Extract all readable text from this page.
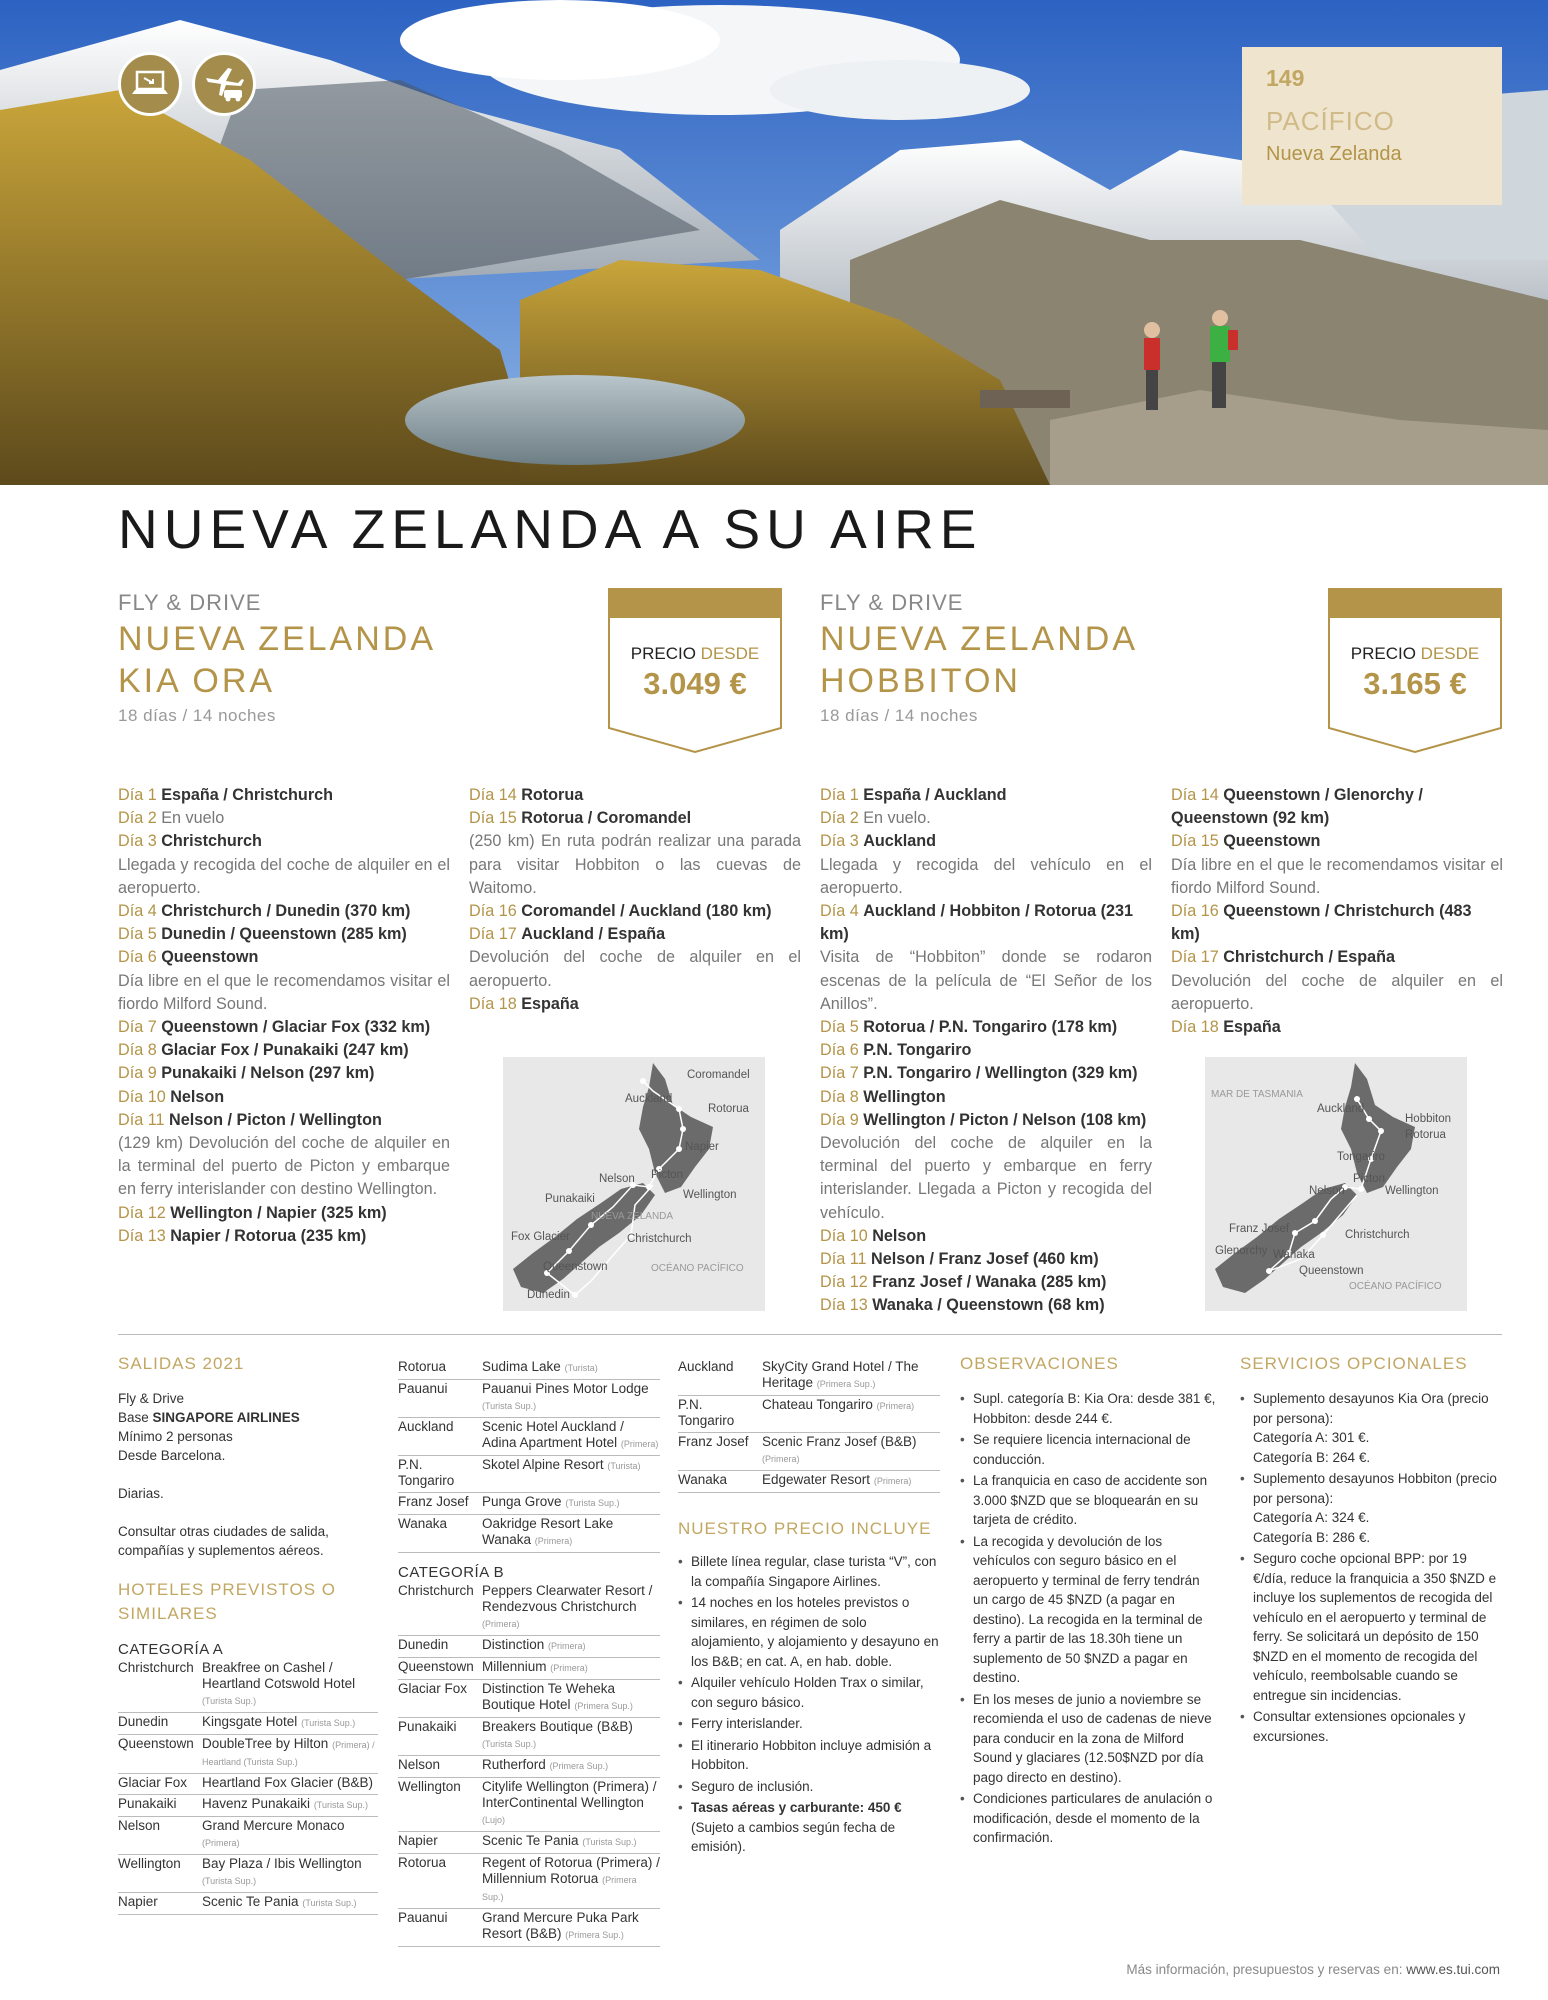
149
PACÍFICO
Nueva Zelanda
NUEVA ZELANDA A SU AIRE
FLY & DRIVE
NUEVA ZELANDA
KIA ORA
18 días / 14 noches
PRECIO DESDE
3.049 €
FLY & DRIVE
NUEVA ZELANDA
HOBBITON
18 días / 14 noches
PRECIO DESDE
3.165 €

Día 1 España / Christchurch

Día 2 En vuelo

Día 3 Christchurch

Llegada y recogida del coche de alquiler en el aeropuerto.

Día 4 Christchurch / Dunedin (370 km)

Día 5 Dunedin / Queenstown (285 km)

Día 6 Queenstown

Día libre en el que le recomendamos visitar el fiordo Milford Sound.

Día 7 Queenstown / Glaciar Fox (332 km)

Día 8 Glaciar Fox / Punakaiki (247 km)

Día 9 Punakaiki / Nelson (297 km)

Día 10 Nelson

Día 11 Nelson / Picton / Wellington

(129 km) Devolución del coche de alquiler en la terminal del puerto de Picton y embarque en ferry interislander con destino Wellington.

Día 12 Wellington / Napier (325 km)

Día 13 Napier / Rotorua (235 km)

Día 14 Rotorua

Día 15 Rotorua / Coromandel

(250 km) En ruta podrán realizar una parada para visitar Hobbiton o las cuevas de Waitomo.

Día 16 Coromandel / Auckland (180 km)

Día 17 Auckland / España

Devolución del coche de alquiler en el aeropuerto.

Día 18 España

Día 1 España / Auckland

Día 2 En vuelo.

Día 3 Auckland

Llegada y recogida del vehículo en el aeropuerto.

Día 4 Auckland / Hobbiton / Rotorua (231 km)

Visita de “Hobbiton” donde se rodaron escenas de la película de “El Señor de los Anillos”.

Día 5 Rotorua / P.N. Tongariro (178 km)

Día 6 P.N. Tongariro

Día 7 P.N. Tongariro / Wellington (329 km)

Día 8 Wellington

Día 9 Wellington / Picton / Nelson (108 km)

Devolución del coche de alquiler en la terminal del puerto y embarque en ferry interislander. Llegada a Picton y recogida del vehículo.

Día 10 Nelson

Día 11 Nelson / Franz Josef (460 km)

Día 12 Franz Josef / Wanaka (285 km)

Día 13 Wanaka / Queenstown (68 km)

Día 14 Queenstown / Glenorchy / Queenstown (92 km)

Día 15 Queenstown

Día libre en el que le recomendamos visitar el fiordo Milford Sound.

Día 16 Queenstown / Christchurch (483 km)

Día 17 Christchurch / España

Devolución del coche de alquiler en el aeropuerto.

Día 18 España

Coromandel
Auckland
Rotorua
Napier
Nelson Picton
Wellington
Punakaiki
NUEVA ZELANDA
Fox Glacier	Christchurch
Queenstown	OCÉANO PACÍFICO
Dunedin
MAR DE TASMANIA
Auckland
Hobbiton
Rotorua
Tongariro
Nelson
Picton
Wellington
Franz Josef	Christchurch
Glenorchy Wanaka
Queenstown
OCÉANO PACÍFICO
SALIDAS 2021
Fly & Drive
Base SINGAPORE AIRLINES
Mínimo 2 personas
Desde Barcelona.
Diarias.
Consultar otras ciudades de salida, compañías y suplementos aéreos.
HOTELES PREVISTOS O SIMILARES
CATEGORÍA A
Christchurch	Breakfree on Cashel / Heartland Cotswold Hotel (Turista Sup.)
Dunedin	Kingsgate Hotel (Turista Sup.)
Queenstown	DoubleTree by Hilton (Primera) / Heartland (Turista Sup.)
Glaciar Fox	Heartland Fox Glacier (B&B)
Punakaiki	Havenz Punakaiki (Turista Sup.)
Nelson	Grand Mercure Monaco (Primera)
Wellington	Bay Plaza / Ibis Wellington (Turista Sup.)
Napier	Scenic Te Pania (Turista Sup.)
Rotorua	Sudima Lake (Turista)
Pauanui	Pauanui Pines Motor Lodge (Turista Sup.)
Auckland	Scenic Hotel Auckland / Adina Apartment Hotel (Primera)
P.N. Tongariro	Skotel Alpine Resort (Turista)
Franz Josef	Punga Grove (Turista Sup.)
Wanaka	Oakridge Resort Lake Wanaka (Primera)
CATEGORÍA B
Christchurch	Peppers Clearwater Resort / Rendezvous Christchurch (Primera)
Dunedin	Distinction (Primera)
Queenstown	Millennium (Primera)
Glaciar Fox	Distinction Te Weheka Boutique Hotel (Primera Sup.)
Punakaiki	Breakers Boutique (B&B) (Turista Sup.)
Nelson	Rutherford (Primera Sup.)
Wellington	Citylife Wellington (Primera) / InterContinental Wellington (Lujo)
Napier	Scenic Te Pania (Turista Sup.)
Rotorua	Regent of Rotorua (Primera) / Millennium Rotorua (Primera Sup.)
Pauanui	Grand Mercure Puka Park Resort (B&B) (Primera Sup.)
Auckland	SkyCity Grand Hotel / The Heritage (Primera Sup.)
P.N. Tongariro	Chateau Tongariro (Primera)
Franz Josef	Scenic Franz Josef (B&B) (Primera)
Wanaka	Edgewater Resort (Primera)
NUESTRO PRECIO INCLUYE
• Billete línea regular, clase turista “V”, con la compañía Singapore Airlines.
• 14 noches en los hoteles previstos o similares, en régimen de solo alojamiento, y alojamiento y desayuno en los B&B; en cat. A, en hab. doble.
• Alquiler vehículo Holden Trax o similar, con seguro básico.
• Ferry interislander.
• El itinerario Hobbiton incluye admisión a Hobbiton.
• Seguro de inclusión.
• Tasas aéreas y carburante: 450 € (Sujeto a cambios según fecha de emisión).
OBSERVACIONES
• Supl. categoría B: Kia Ora: desde 381 €, Hobbiton: desde 244 €.
• Se requiere licencia internacional de conducción.
• La franquicia en caso de accidente son 3.000 $NZD que se bloquearán en su tarjeta de crédito.
• La recogida y devolución de los vehículos con seguro básico en el aeropuerto y terminal de ferry tendrán un cargo de 45 $NZD (a pagar en destino). La recogida en la terminal de ferry a partir de las 18.30h tiene un suplemento de 50 $NZD a pagar en destino.
• En los meses de junio a noviembre se recomienda el uso de cadenas de nieve para conducir en la zona de Milford Sound y glaciares (12.50$NZD por día pago directo en destino).
• Condiciones particulares de anulación o modificación, desde el momento de la confirmación.
SERVICIOS OPCIONALES
• Suplemento desayunos Kia Ora (precio por persona):
Categoría A: 301 €.
Categoría B: 264 €.
• Suplemento desayunos Hobbiton (precio por persona):
Categoría A: 324 €.
Categoría B: 286 €.
• Seguro coche opcional BPP: por 19 €/día, reduce la franquicia a 350 $NZD e incluye los suplementos de recogida del vehículo en el aeropuerto y terminal de ferry. Se solicitará un depósito de 150 $NZD en el momento de recogida del vehículo, reembolsable cuando se entregue sin incidencias.
• Consultar extensiones opcionales y excursiones.
Más información, presupuestos y reservas en: www.es.tui.com
